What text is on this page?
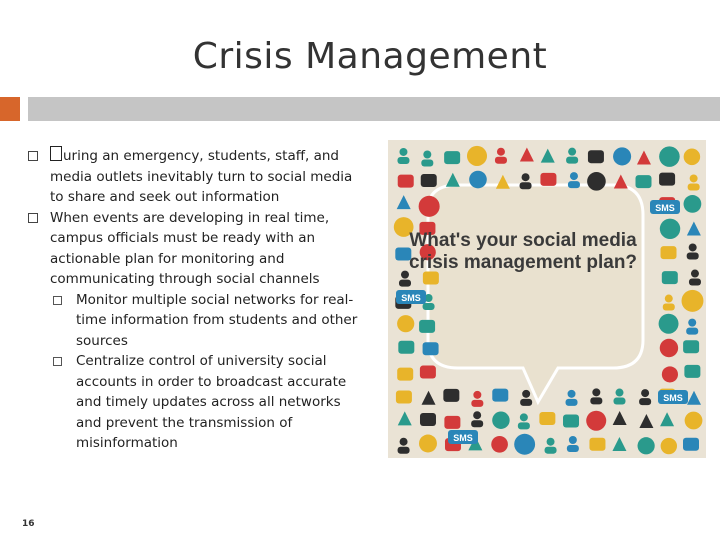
Crisis Management

uring an emergency, students, staff, and media outlets inevitably turn to social media to share and seek out information

When events are developing in real time, campus officials must be ready with an actionable plan for monitoring and communicating through social channels

Monitor multiple social networks for real-time information from students and other sources

Centralize control of university social accounts in order to broadcast accurate and timely updates across all networks and prevent the transmission of misinformation

16
SMS
SMS
SMS
SMS
What's your social media crisis management plan?
